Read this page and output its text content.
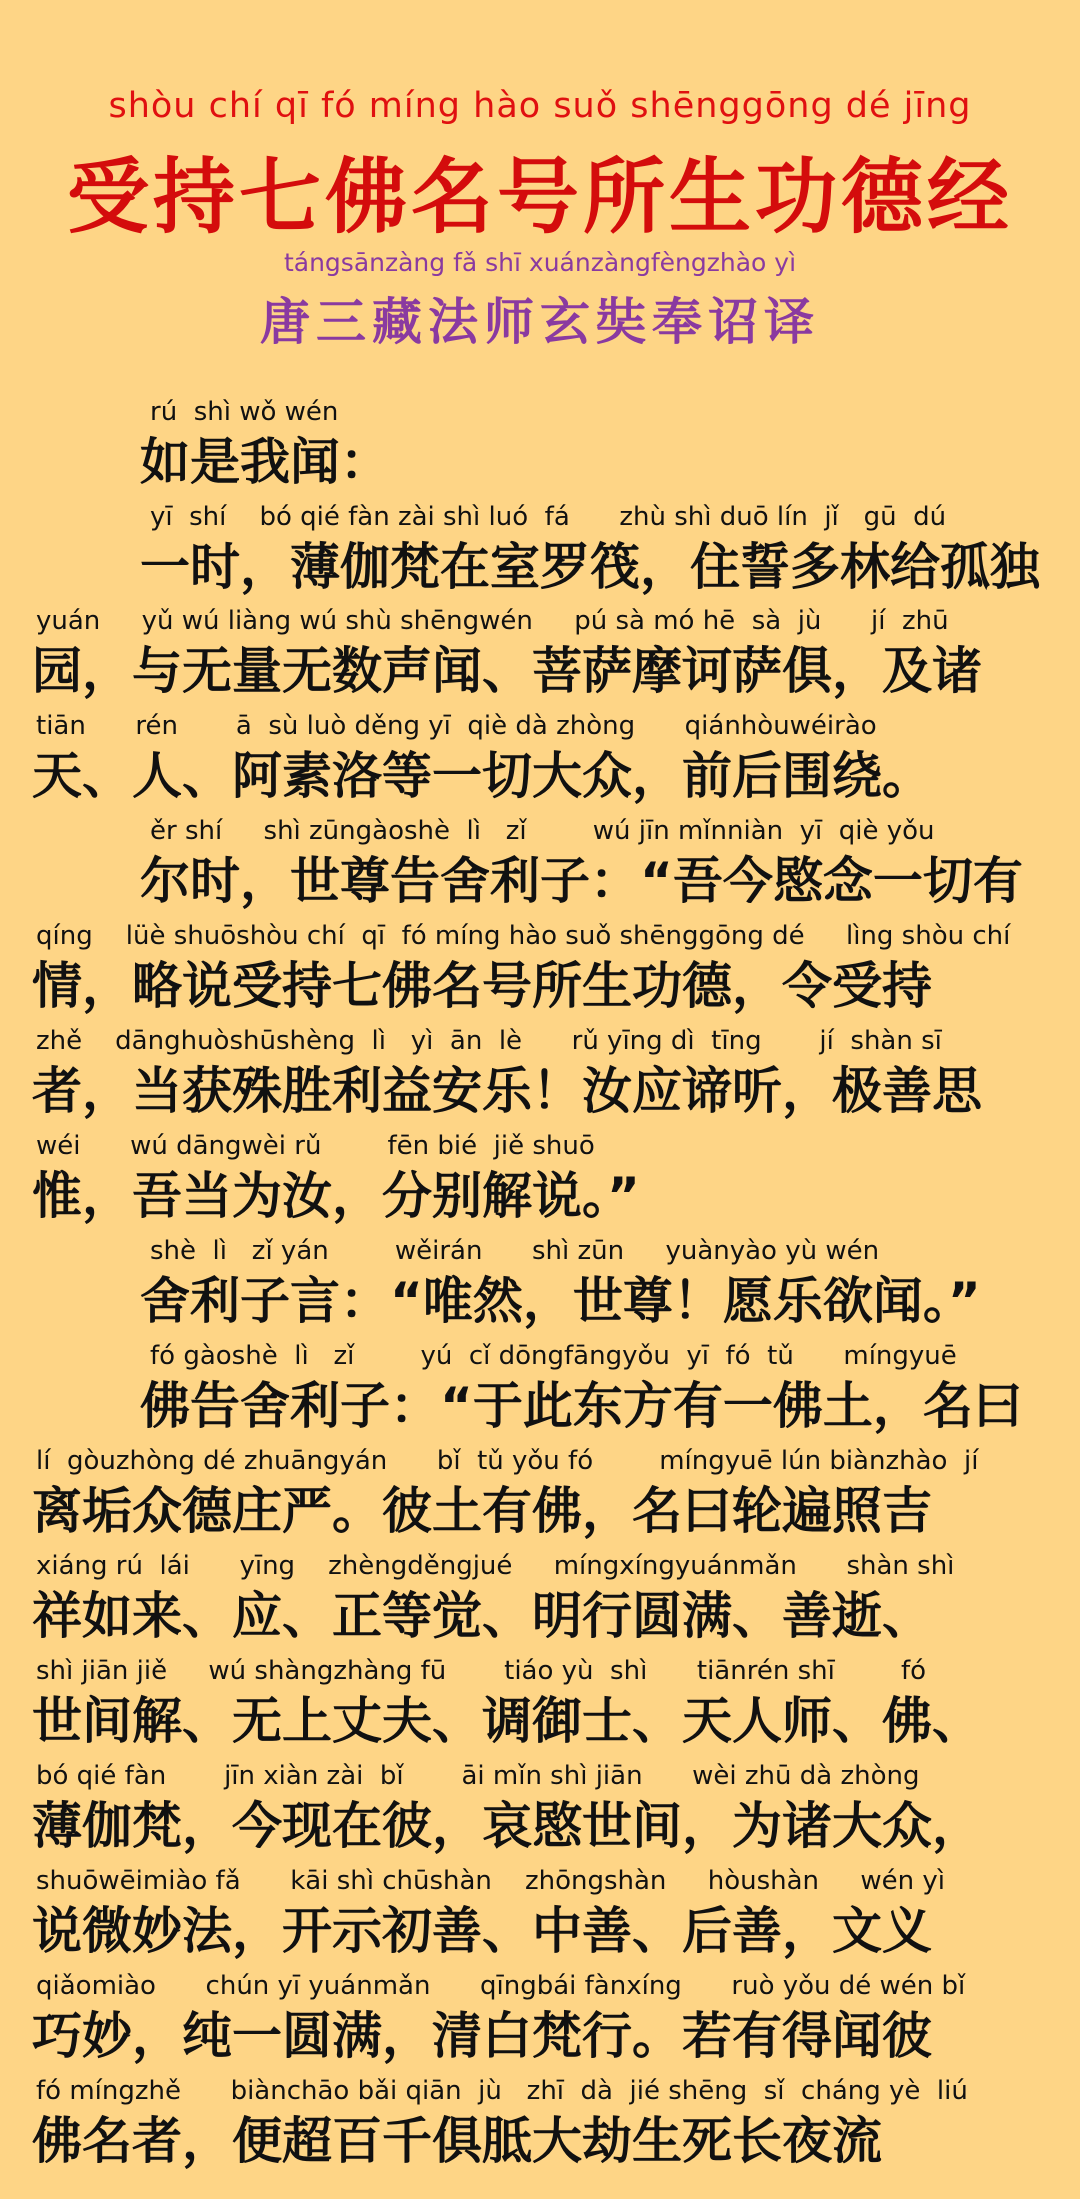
shòu chí qī fó míng hào suǒ shēnggōng dé jīng
受持七佛名号所生功德经
tángsānzàng fǎ shī xuánzàngfèngzhào yì
唐三藏法师玄奘奉诏译
rú  shì wǒ wén
如是我闻：
yī  shí    bó qié fàn zài shì luó  fá      zhù shì duō lín  jǐ   gū  dú
一时，薄伽梵在室罗筏，住誓多林给孤独
yuán     yǔ wú liàng wú shù shēngwén     pú sà mó hē  sà  jù      jí  zhū
园，与无量无数声闻、菩萨摩诃萨俱，及诸
tiān      rén       ā  sù luò děng yī  qiè dà zhòng      qiánhòuwéirào
天、人、阿素洛等一切大众，前后围绕。
ěr shí     shì zūngàoshè  lì   zǐ        wú jīn mǐnniàn  yī  qiè yǒu
尔时，世尊告舍利子：“吾今愍念一切有
qíng    lüè shuōshòu chí  qī  fó míng hào suǒ shēnggōng dé     lìng shòu chí
情，略说受持七佛名号所生功德，令受持
zhě    dānghuòshūshèng  lì   yì  ān  lè      rǔ yīng dì  tīng       jí  shàn sī
者，当获殊胜利益安乐！汝应谛听，极善思
wéi      wú dāngwèi rǔ        fēn bié  jiě shuō
惟，吾当为汝，分别解说。”
shè  lì   zǐ yán        wěirán      shì zūn     yuànyào yù wén
舍利子言：“唯然，世尊！愿乐欲闻。”
fó gàoshè  lì   zǐ        yú  cǐ dōngfāngyǒu  yī  fó  tǔ      míngyuē
佛告舍利子：“于此东方有一佛土，名曰
lí  gòuzhòng dé zhuāngyán      bǐ  tǔ yǒu fó        míngyuē lún biànzhào  jí
离垢众德庄严。彼土有佛，名曰轮遍照吉
xiáng rú  lái      yīng    zhèngděngjué     míngxíngyuánmǎn      shàn shì
祥如来、应、正等觉、明行圆满、善逝、
shì jiān jiě     wú shàngzhàng fū       tiáo yù  shì      tiānrén shī        fó
世间解、无上丈夫、调御士、天人师、佛、
bó qié fàn       jīn xiàn zài  bǐ       āi mǐn shì jiān      wèi zhū dà zhòng
薄伽梵，今现在彼，哀愍世间，为诸大众，
shuōwēimiào fǎ      kāi shì chūshàn    zhōngshàn     hòushàn     wén yì
说微妙法，开示初善、中善、后善，文义
qiǎomiào      chún yī yuánmǎn      qīngbái fànxíng      ruò yǒu dé wén bǐ
巧妙，纯一圆满，清白梵行。若有得闻彼
fó míngzhě      biànchāo bǎi qiān  jù   zhī  dà  jié shēng  sǐ  cháng yè  liú
佛名者，便超百千俱胝大劫生死长夜流
